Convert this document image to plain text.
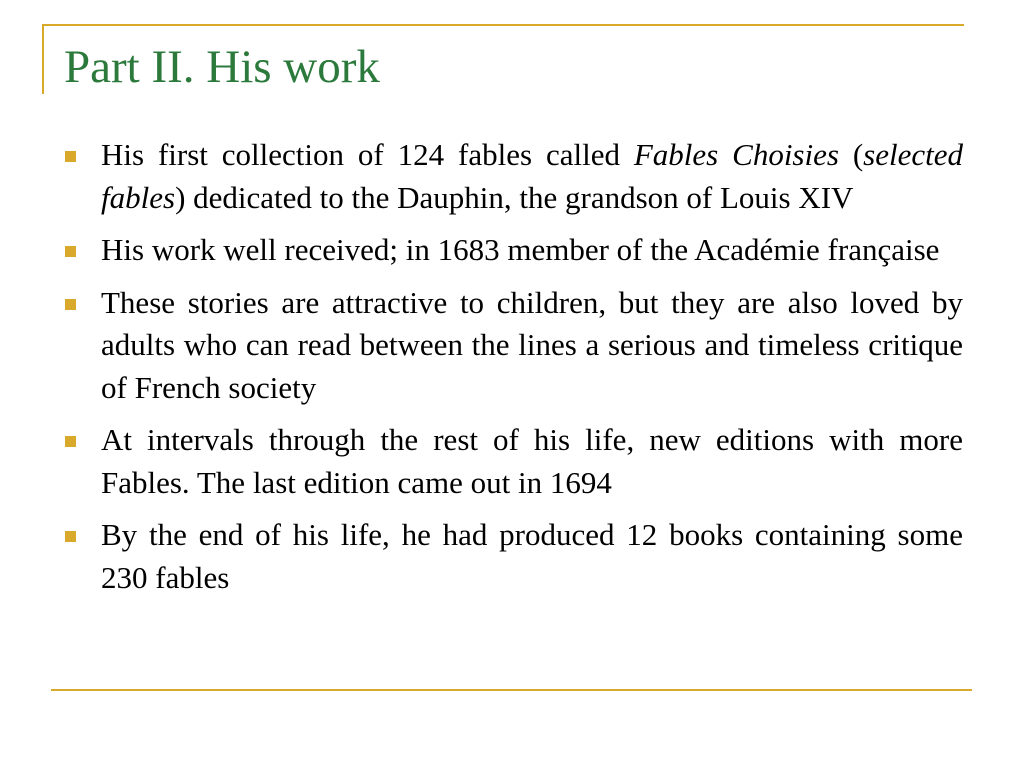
Part II. His work
His first collection of 124 fables called Fables Choisies (selected fables) dedicated to the Dauphin, the grandson of Louis XIV
His work well received; in 1683 member of the Académie française
These stories are attractive to children, but they are also loved by adults who can read between the lines a serious and timeless critique of French society
At intervals through the rest of his life, new editions with more Fables. The last edition came out in 1694
By the end of his life, he had produced 12 books containing some 230 fables
